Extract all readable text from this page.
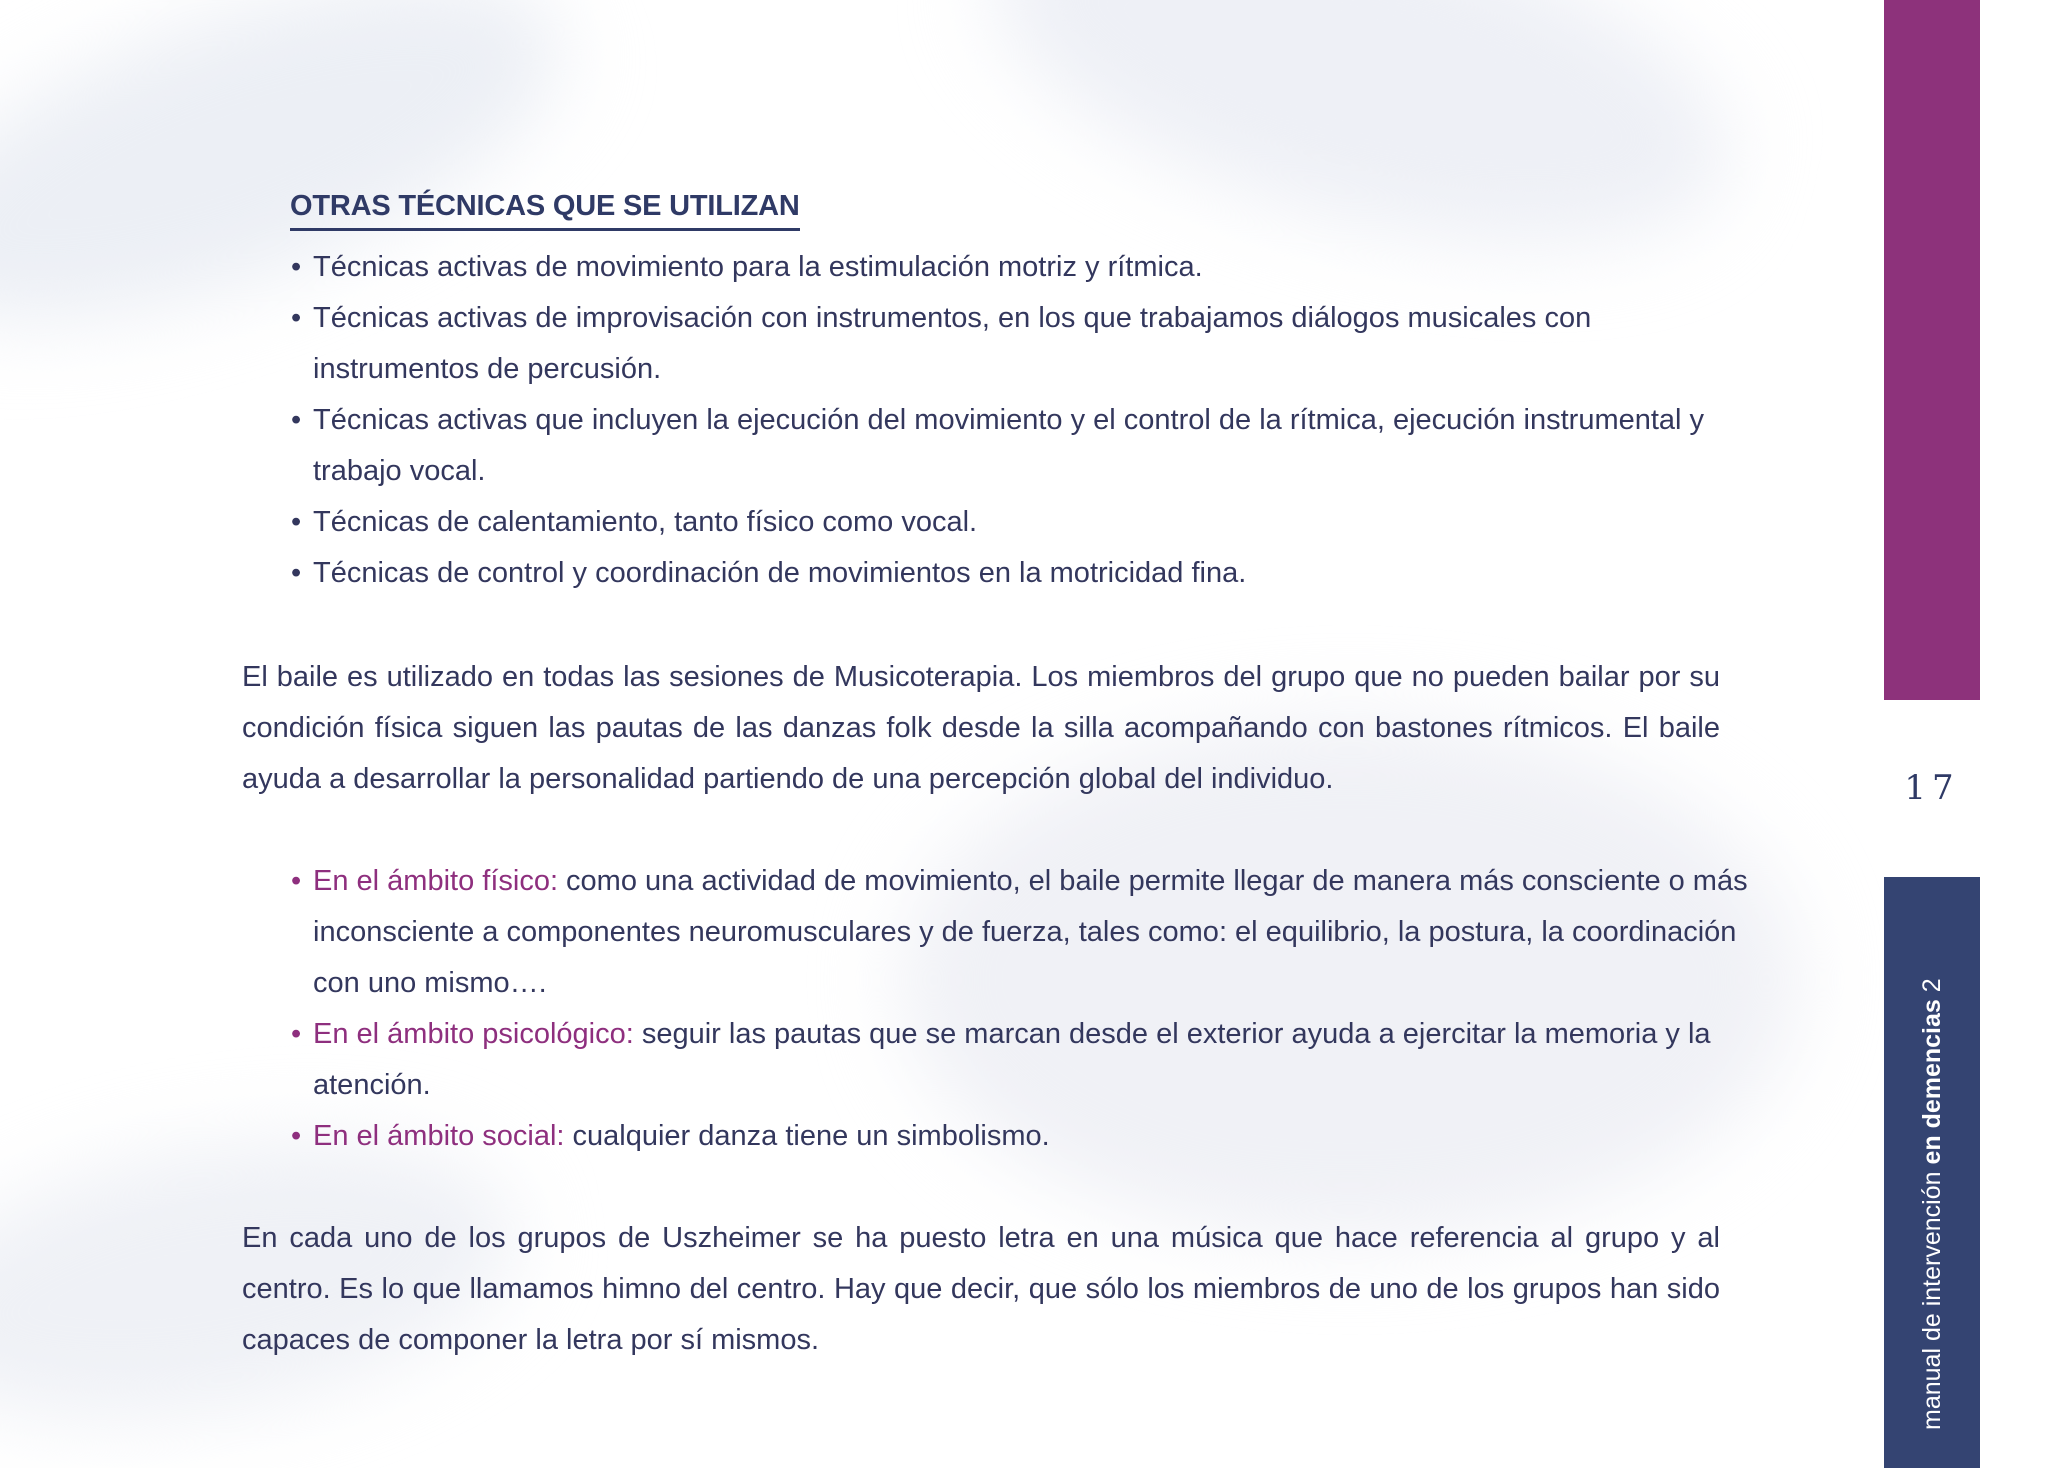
OTRAS TÉCNICAS QUE SE UTILIZAN
• Técnicas activas de movimiento para la estimulación motriz y rítmica.
• Técnicas activas de improvisación con instrumentos, en los que trabajamos diálogos musicales con instrumentos de percusión.
• Técnicas activas que incluyen la ejecución del movimiento y el control de la rítmica, ejecución instrumental y trabajo vocal.
• Técnicas de calentamiento, tanto físico como vocal.
• Técnicas de control y coordinación de movimientos en la motricidad fina.

El baile es utilizado en todas las sesiones de Musicoterapia. Los miembros del grupo que no pueden bailar por su condición física siguen las pautas de las danzas folk desde la silla acompañando con bastones rítmicos. El baile ayuda a desarrollar la personalidad partiendo de una percepción global del individuo.

• En el ámbito físico: como una actividad de movimiento, el baile permite llegar de manera más consciente o más inconsciente a componentes neuromusculares y de fuerza, tales como: el equilibrio, la postura, la coordinación con uno mismo….
• En el ámbito psicológico: seguir las pautas que se marcan desde el exterior ayuda a ejercitar la memoria y la atención.
• En el ámbito social: cualquier danza tiene un simbolismo.

En cada uno de los grupos de Uszheimer se ha puesto letra en una música que hace referencia al grupo y al centro. Es lo que llamamos himno del centro. Hay que decir, que sólo los miembros de uno de los grupos han sido capaces de componer la letra por sí mismos.

17
manual de intervención en demencias 2
